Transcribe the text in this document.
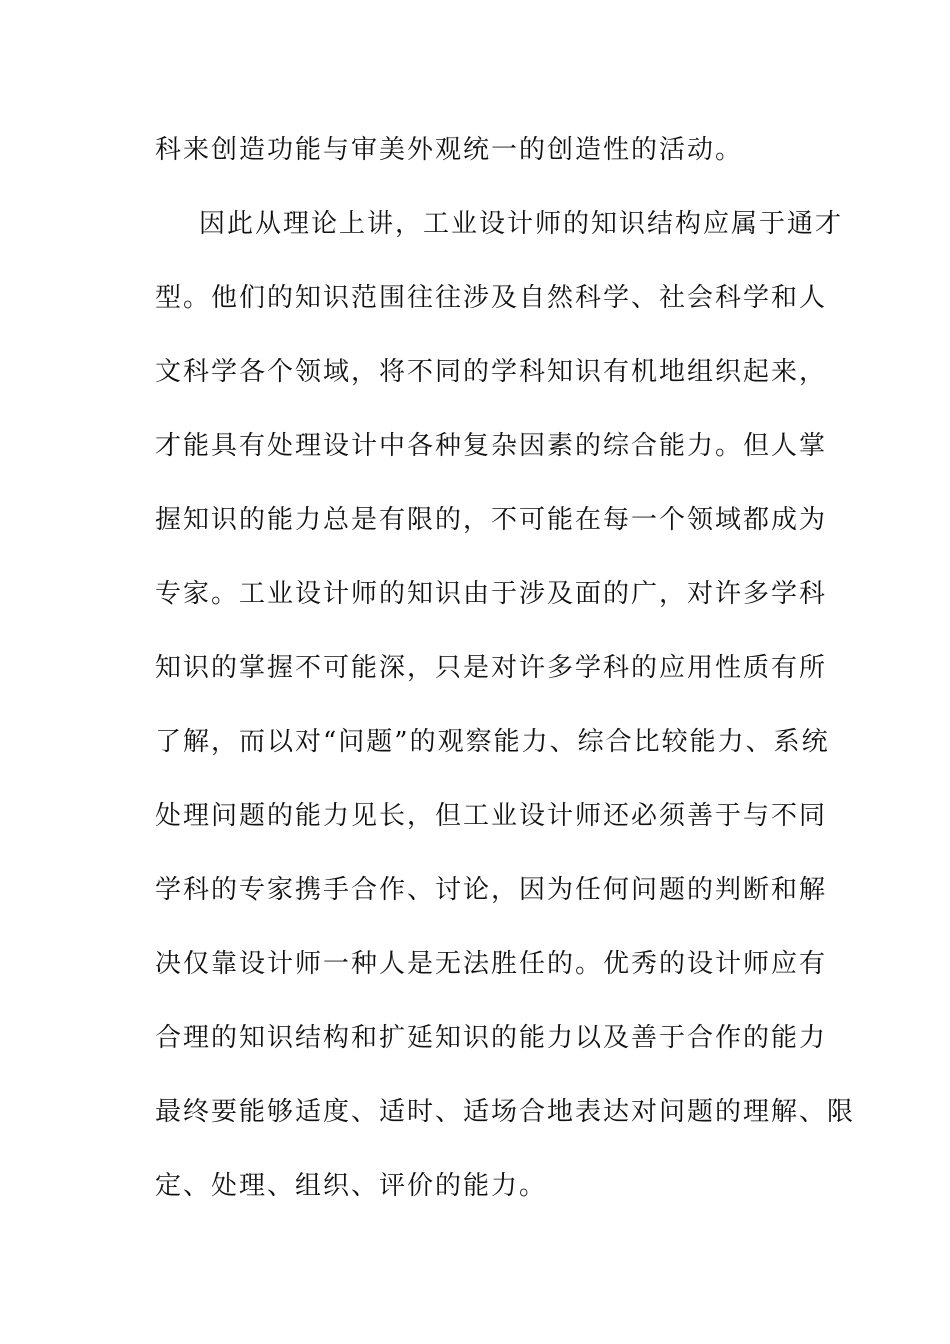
科来创造功能与审美外观统一的创造性的活动。
因此从理论上讲，工业设计师的知识结构应属于通才
型。他们的知识范围往往涉及自然科学、社会科学和人
文科学各个领域，将不同的学科知识有机地组织起来，
才能具有处理设计中各种复杂因素的综合能力。但人掌
握知识的能力总是有限的，不可能在每一个领域都成为
专家。工业设计师的知识由于涉及面的广，对许多学科
知识的掌握不可能深，只是对许多学科的应用性质有所
了解，而以对“问题”的观察能力、综合比较能力、系统
处理问题的能力见长，但工业设计师还必须善于与不同
学科的专家携手合作、讨论，因为任何问题的判断和解
决仅靠设计师一种人是无法胜任的。优秀的设计师应有
合理的知识结构和扩延知识的能力以及善于合作的能力
最终要能够适度、适时、适场合地表达对问题的理解、限
定、处理、组织、评价的能力。
